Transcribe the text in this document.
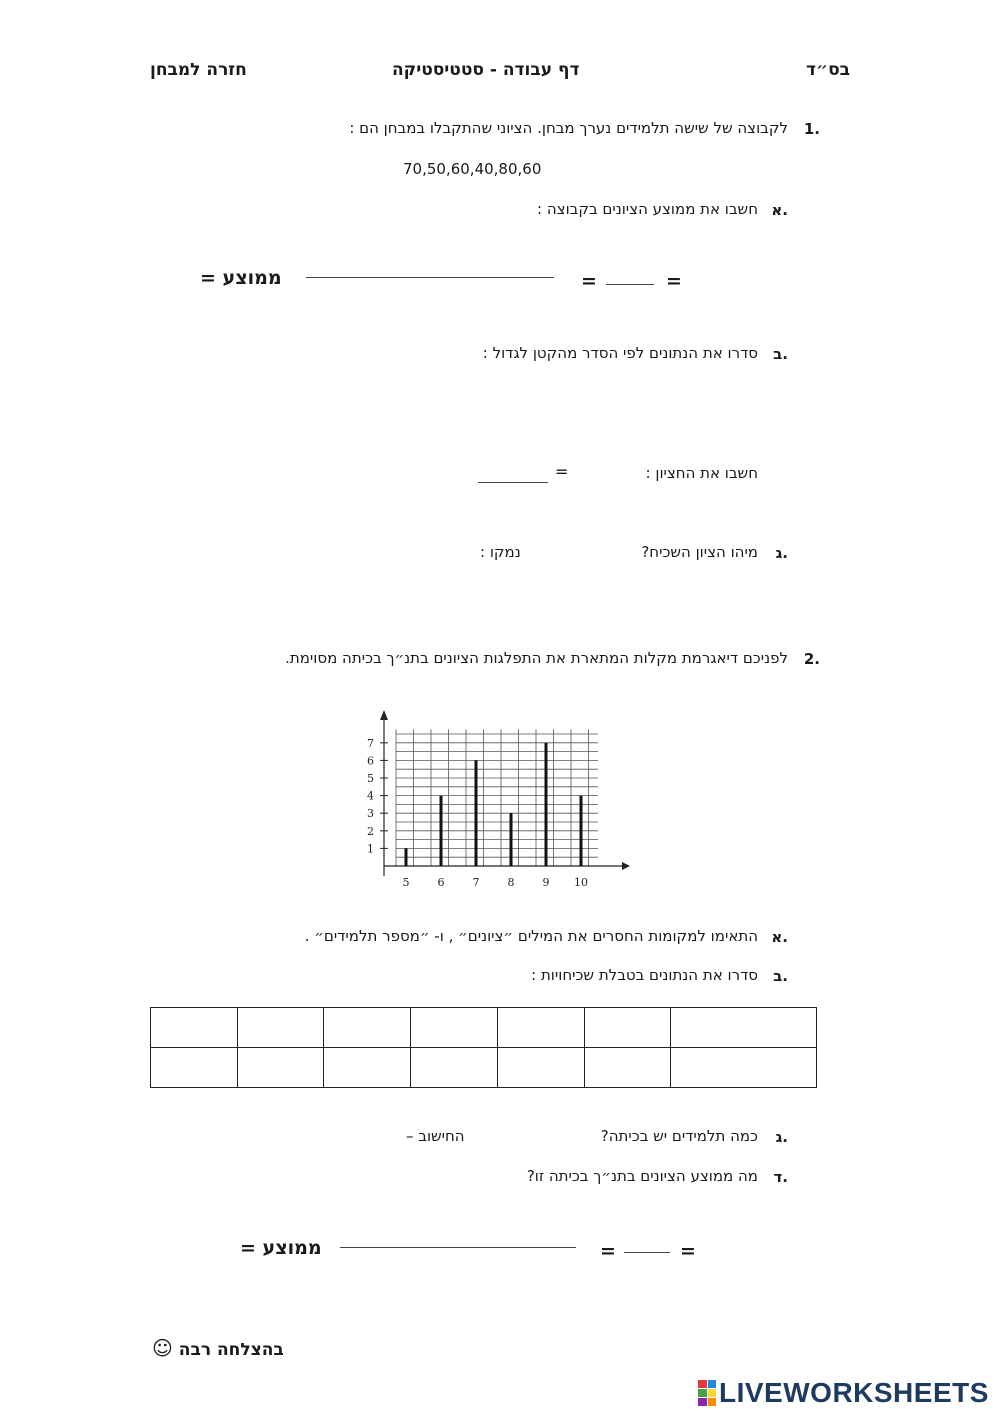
בס״ד
דף עבודה - סטטיסטיקה
חזרה למבחן
1.
לקבוצה של שישה תלמידים נערך מבחן. הציוני שהתקבלו במבחן הם :
70,50,60,40,80,60
א.
חשבו את ממוצע הציונים בקבוצה :
ממוצע =	=	=
ב.
סדרו את הנתונים לפי הסדר מהקטן לגדול :
חשבו את החציון :
=
ג.
מיהו הציון השכיח?
נמקו :
2.
לפניכם דיאגרמת מקלות המתארת את התפלגות הציונים בתנ״ך בכיתה מסוימת.
1
2
3
4
5
6
7
5	6	7	8	9 10
א.
התאימו למקומות החסרים את המילים ״ציונים״ , ו- ״מספר תלמידים״ .
ב.
סדרו את הנתונים בטבלת שכיחויות :

ג.
כמה תלמידים יש בכיתה?
החישוב –
ד.
מה ממוצע הציונים בתנ״ך בכיתה זו?
ממוצע =	=	=
בהצלחה רבה ☺
LIVEWORKSHEETS
